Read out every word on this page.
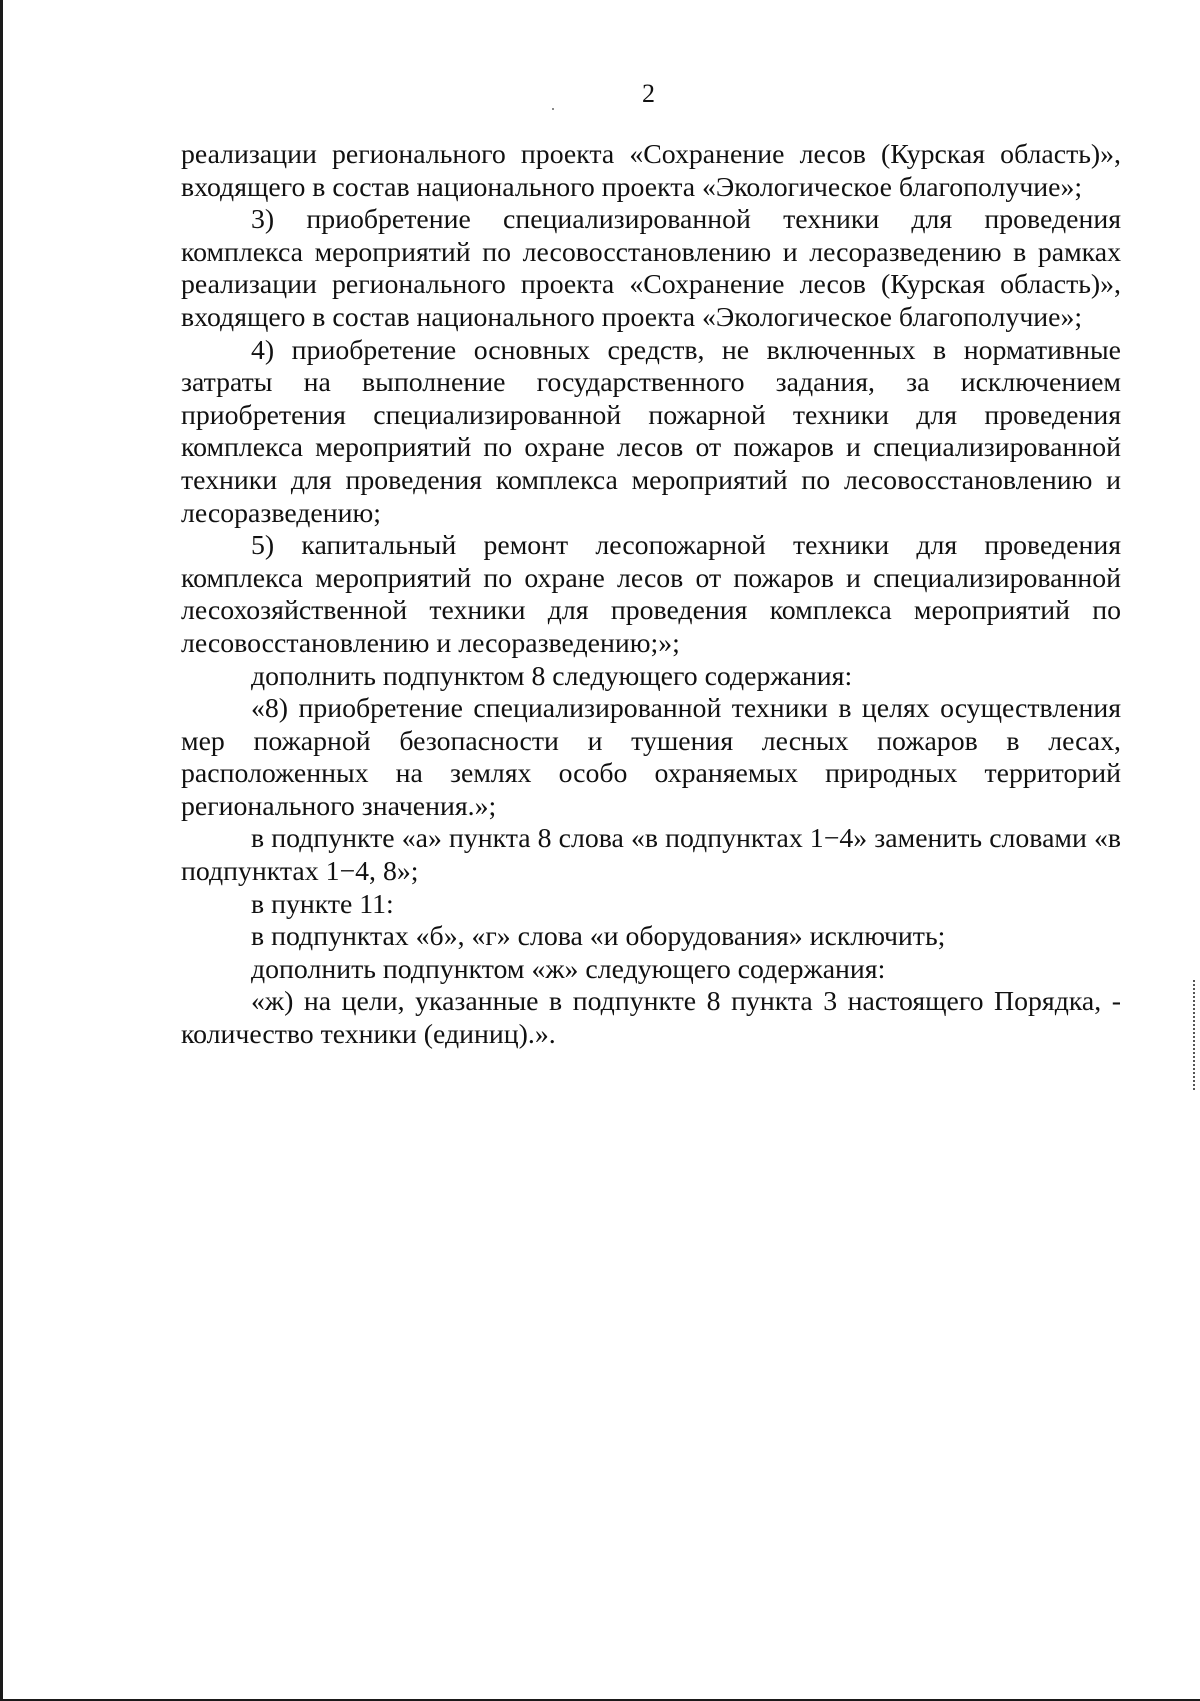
2

реализации регионального проекта «Сохранение лесов (Курская область)», входящего в состав национального проекта «Экологическое благополучие»;

3) приобретение специализированной техники для проведения комплекса мероприятий по лесовосстановлению и лесоразведению в рамках реализации регионального проекта «Сохранение лесов (Курская область)», входящего в состав национального проекта «Экологическое благополучие»;

4) приобретение основных средств, не включенных в нормативные затраты на выполнение государственного задания, за исключением приобретения специализированной пожарной техники для проведения комплекса мероприятий по охране лесов от пожаров и специализированной техники для проведения комплекса мероприятий по лесовосстановлению и лесоразведению;

5) капитальный ремонт лесопожарной техники для проведения комплекса мероприятий по охране лесов от пожаров и специализированной лесохозяйственной техники для проведения комплекса мероприятий по лесовосстановлению и лесоразведению;»;

дополнить подпунктом 8 следующего содержания:

«8) приобретение специализированной техники в целях осуществления мер пожарной безопасности и тушения лесных пожаров в лесах, расположенных на землях особо охраняемых природных территорий регионального значения.»;

в подпункте «а» пункта 8 слова «в подпунктах 1−4» заменить словами «в подпунктах 1−4, 8»;

в пункте 11:

в подпунктах «б», «г» слова «и оборудования» исключить;

дополнить подпунктом «ж» следующего содержания:

«ж) на цели, указанные в подпункте 8 пункта 3 настоящего Порядка, - количество техники (единиц).».
